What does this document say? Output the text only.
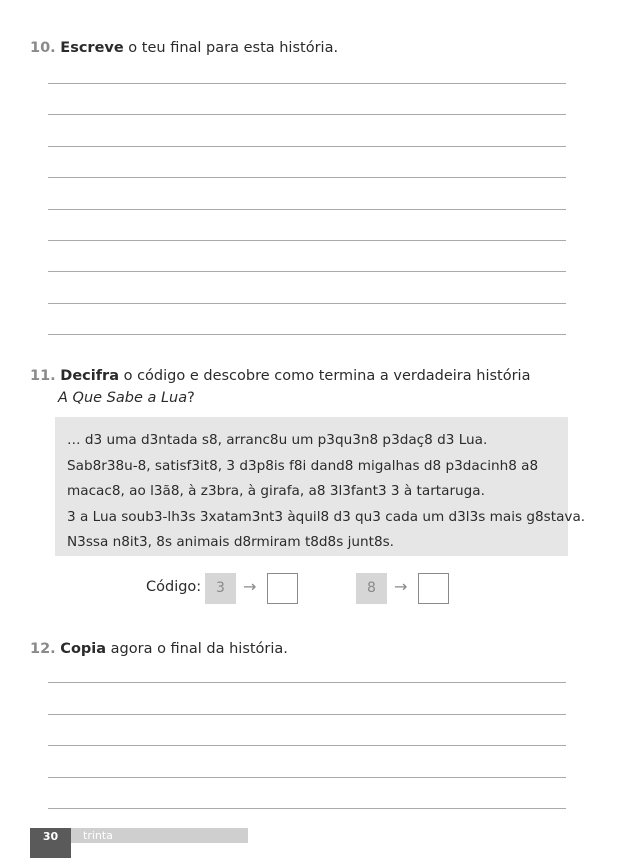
10. Escreve o teu final para esta história.
11. Decifra o código e descobre como termina a verdadeira história
A Que Sabe a Lua?
… d3 uma d3ntada s8, arranc8u um p3qu3n8 p3daç8 d3 Lua.
Sab8r38u-8, satisf3it8, 3 d3p8is f8i dand8 migalhas d8 p3dacinh8 a8
macac8, ao l3ã8, à z3bra, à girafa, a8 3l3fant3 3 à tartaruga.
3 a Lua soub3-lh3s 3xatam3nt3 àquil8 d3 qu3 cada um d3l3s mais g8stava.
N3ssa n8it3, 8s animais d8rmiram t8d8s junt8s.
Código:	3	→	8	→
12. Copia agora o final da história.
30	trinta
